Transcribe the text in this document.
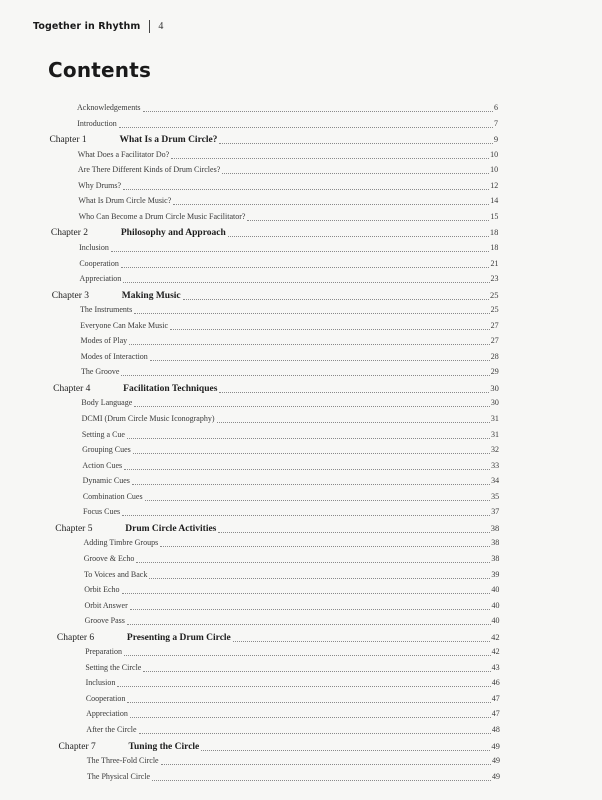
Together in Rhythm 4
Contents
Acknowledgements	6
Introduction	7
Chapter 1	What Is a Drum Circle?	9
What Does a Facilitator Do?	10
Are There Different Kinds of Drum Circles?	10
Why Drums?	12
What Is Drum Circle Music?	14
Who Can Become a Drum Circle Music Facilitator?	15
Chapter 2	Philosophy and Approach	18
Inclusion	18
Cooperation	21
Appreciation	23
Chapter 3	Making Music	25
The Instruments	25
Everyone Can Make Music	27
Modes of Play	27
Modes of Interaction	28
The Groove	29
Chapter 4	Facilitation Techniques	30
Body Language	30
DCMI (Drum Circle Music Iconography)	31
Setting a Cue	31
Grouping Cues	32
Action Cues	33
Dynamic Cues	34
Combination Cues	35
Focus Cues	37
Chapter 5	Drum Circle Activities	38
Adding Timbre Groups	38
Groove & Echo	38
To Voices and Back	39
Orbit Echo	40
Orbit Answer	40
Groove Pass	40
Chapter 6	Presenting a Drum Circle	42
Preparation	42
Setting the Circle	43
Inclusion	46
Cooperation	47
Appreciation	47
After the Circle	48
Chapter 7	Tuning the Circle	49
The Three-Fold Circle	49
The Physical Circle	49
